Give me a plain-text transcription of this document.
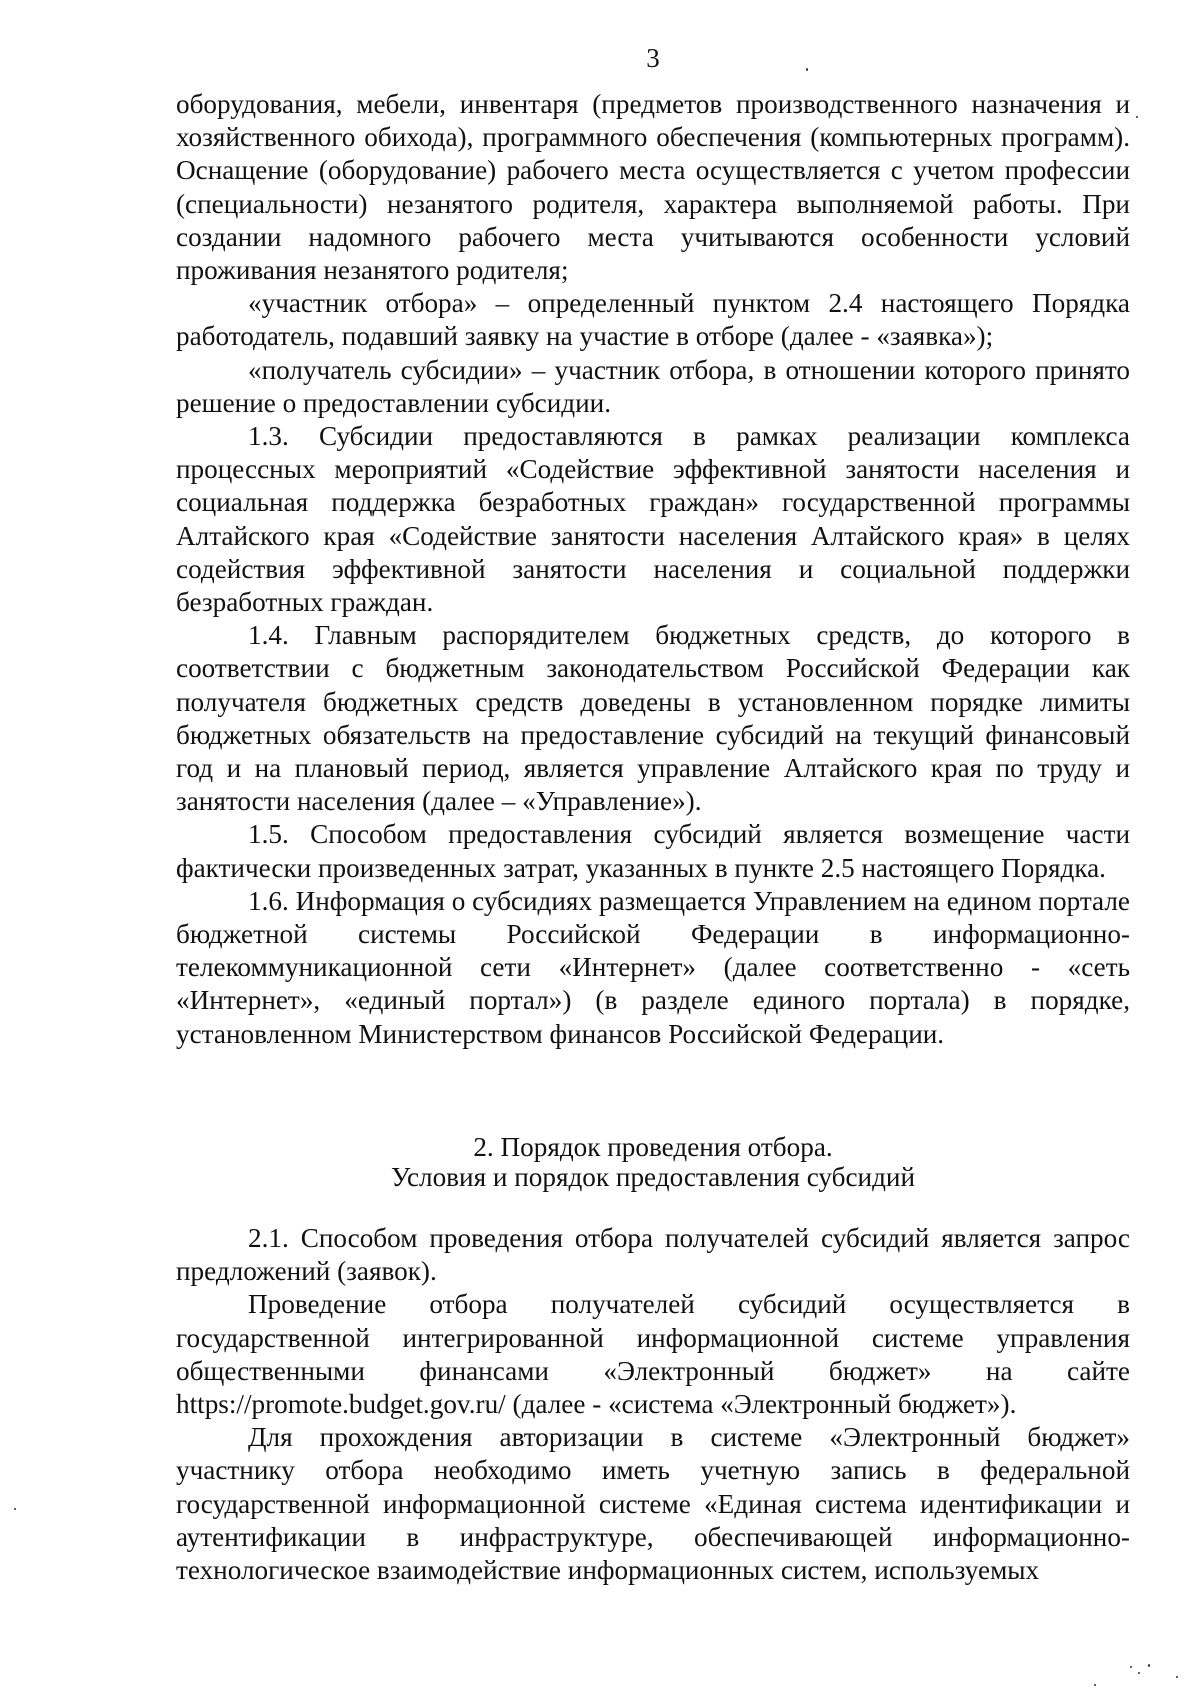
3

оборудования, мебели, инвентаря (предметов производственного назначения и хозяйственного обихода), программного обеспечения (компьютерных программ). Оснащение (оборудование) рабочего места осуществляется с учетом профессии (специальности) незанятого родителя, характера выполняемой работы. При создании надомного рабочего места учитываются особенности условий проживания незанятого родителя;

«участник отбора» – определенный пунктом 2.4 настоящего Порядка работодатель, подавший заявку на участие в отборе (далее - «заявка»);

«получатель субсидии» – участник отбора, в отношении которого принято решение о предоставлении субсидии.

1.3. Субсидии предоставляются в рамках реализации комплекса процессных мероприятий «Содействие эффективной занятости населения и социальная поддержка безработных граждан» государственной программы Алтайского края «Содействие занятости населения Алтайского края» в целях содействия эффективной занятости населения и социальной поддержки безработных граждан.

1.4. Главным распорядителем бюджетных средств, до которого в соответствии с бюджетным законодательством Российской Федерации как получателя бюджетных средств доведены в установленном порядке лимиты бюджетных обязательств на предоставление субсидий на текущий финансовый год и на плановый период, является управление Алтайского края по труду и занятости населения (далее – «Управление»).

1.5. Способом предоставления субсидий является возмещение части фактически произведенных затрат, указанных в пункте 2.5 настоящего Порядка.

1.6. Информация о субсидиях размещается Управлением на едином портале бюджетной системы Российской Федерации в информационно-телекоммуникационной сети «Интернет» (далее соответственно - «сеть «Интернет», «единый портал») (в разделе единого портала) в порядке, установленном Министерством финансов Российской Федерации.

2. Порядок проведения отбора.
Условия и порядок предоставления субсидий

2.1. Способом проведения отбора получателей субсидий является запрос предложений (заявок).

Проведение отбора получателей субсидий осуществляется в государственной интегрированной информационной системе управления общественными финансами «Электронный бюджет» на сайте https://promote.budget.gov.ru/ (далее - «система «Электронный бюджет»).

Для прохождения авторизации в системе «Электронный бюджет» участнику отбора необходимо иметь учетную запись в федеральной государственной информационной системе «Единая система идентификации и аутентификации в инфраструктуре, обеспечивающей информационно-технологическое взаимодействие информационных систем, используемых
